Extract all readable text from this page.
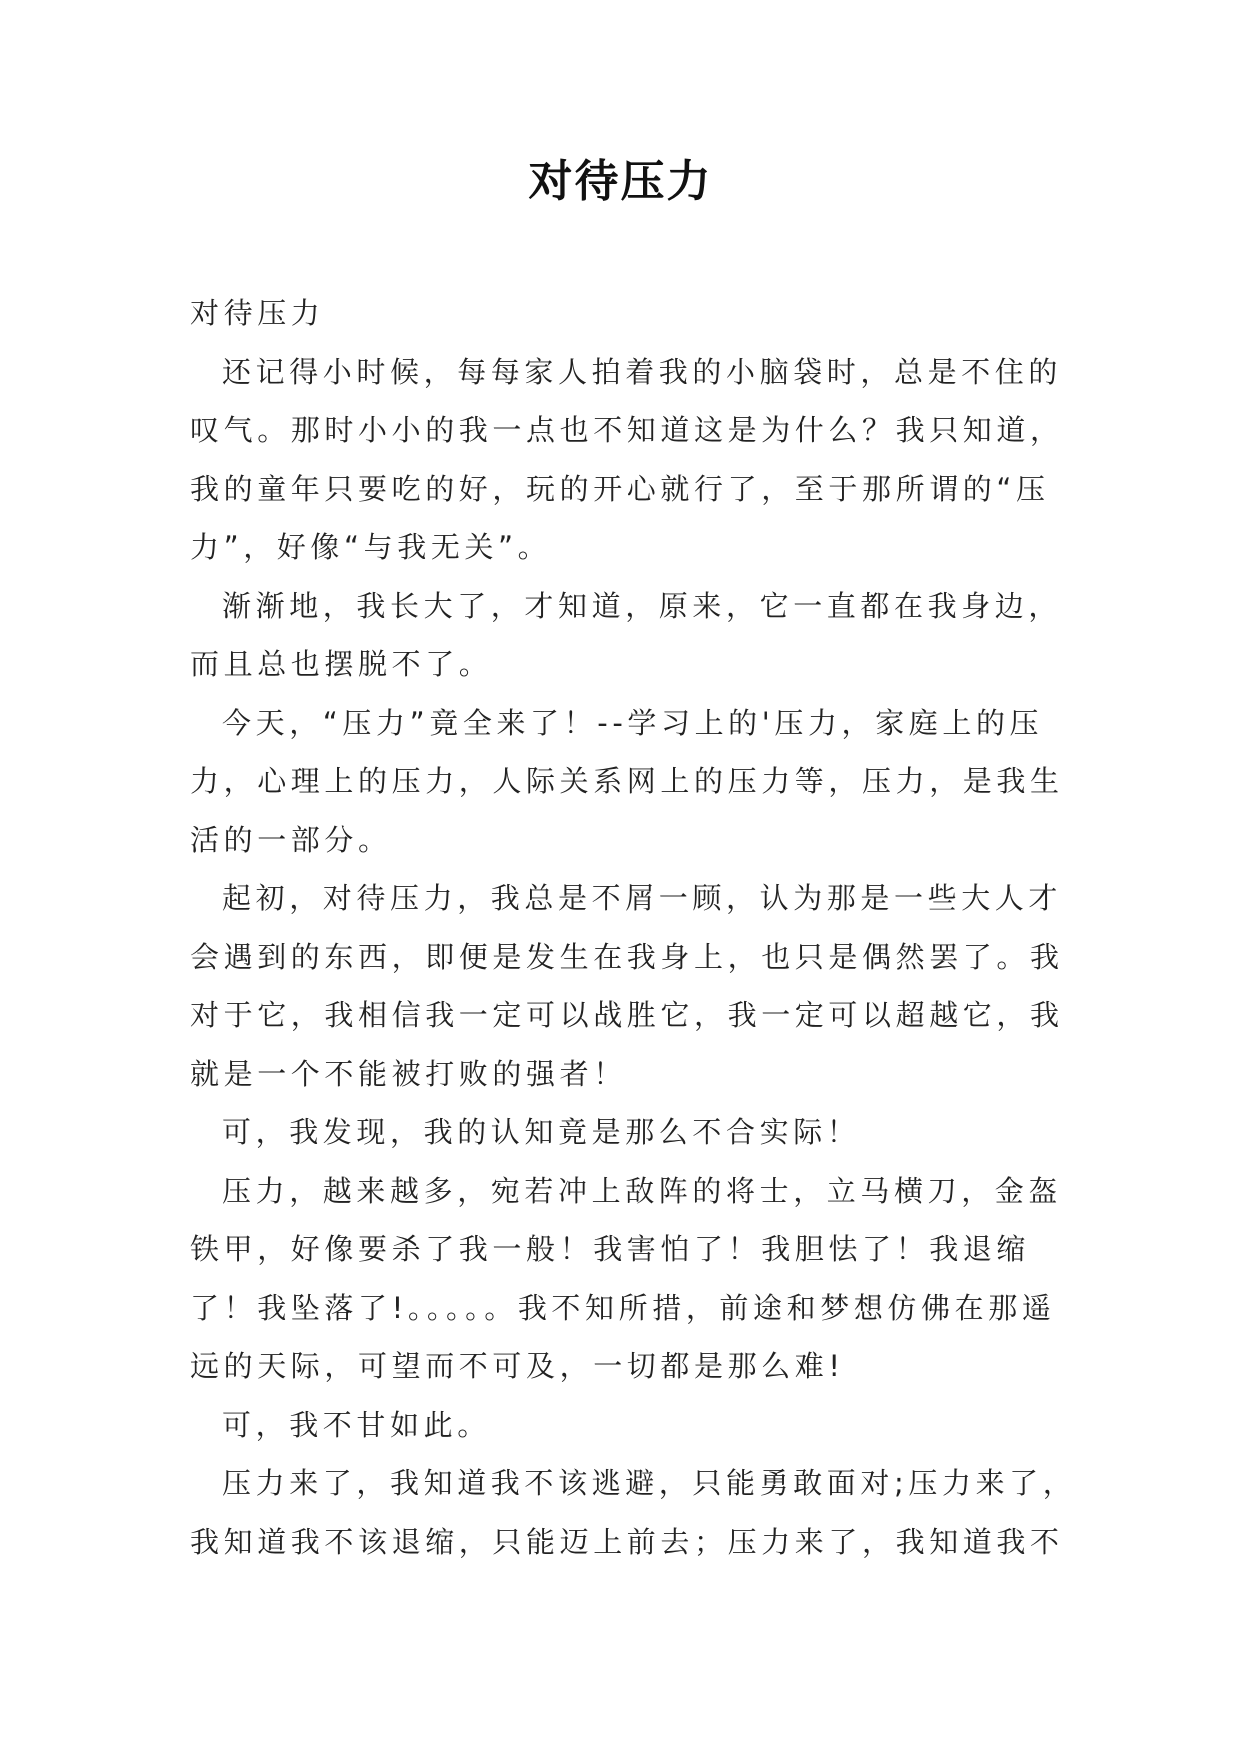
对待压力
对待压力
还记得小时候，每每家人拍着我的小脑袋时，总是不住的
叹气。那时小小的我一点也不知道这是为什么？我只知道，
我的童年只要吃的好，玩的开心就行了，至于那所谓的“压
力”，好像“与我无关”。
渐渐地，我长大了，才知道，原来，它一直都在我身边，
而且总也摆脱不了。
今天，“压力”竟全来了！--学习上的'压力，家庭上的压
力，心理上的压力，人际关系网上的压力等，压力，是我生
活的一部分。
起初，对待压力，我总是不屑一顾，认为那是一些大人才
会遇到的东西，即便是发生在我身上，也只是偶然罢了。我
对于它，我相信我一定可以战胜它，我一定可以超越它，我
就是一个不能被打败的强者！
可，我发现，我的认知竟是那么不合实际！
压力，越来越多，宛若冲上敌阵的将士，立马横刀，金盔
铁甲，好像要杀了我一般！我害怕了！我胆怯了！我退缩
了！我坠落了!。。。。。我不知所措，前途和梦想仿佛在那遥
远的天际，可望而不可及，一切都是那么难!
可，我不甘如此。
压力来了，我知道我不该逃避，只能勇敢面对;压力来了，
我知道我不该退缩，只能迈上前去；压力来了，我知道我不
